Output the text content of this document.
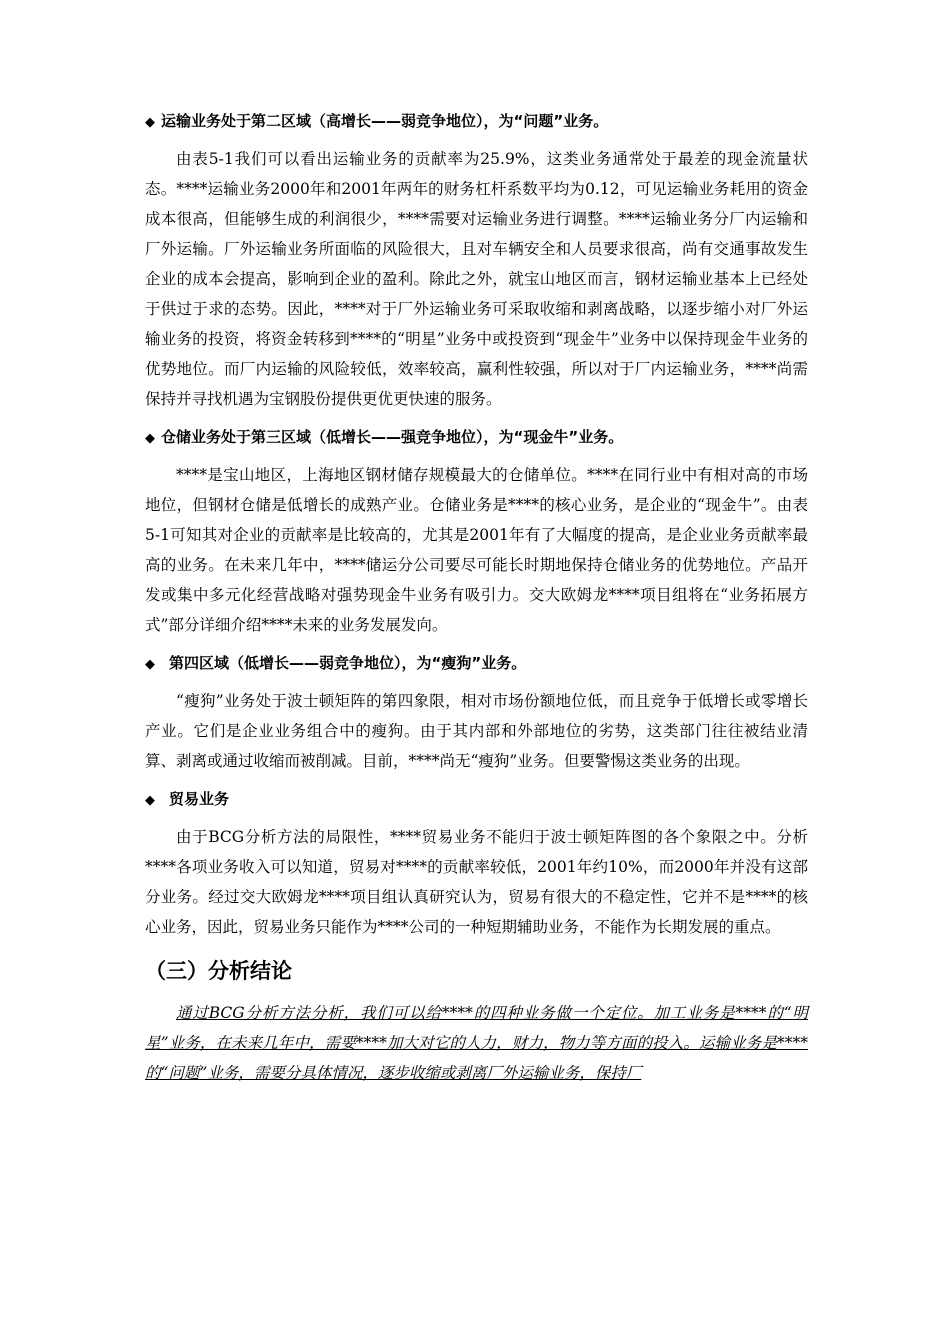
◆ 运输业务处于第二区域（高增长——弱竞争地位），为“问题”业务。

由表5-1我们可以看出运输业务的贡献率为25.9%，这类业务通常处于最差的现金流量状态。****运输业务2000年和2001年两年的财务杠杆系数平均为0.12，可见运输业务耗用的资金成本很高，但能够生成的利润很少，****需要对运输业务进行调整。****运输业务分厂内运输和厂外运输。厂外运输业务所面临的风险很大，且对车辆安全和人员要求很高，尚有交通事故发生企业的成本会提高，影响到企业的盈利。除此之外，就宝山地区而言，钢材运输业基本上已经处于供过于求的态势。因此，****对于厂外运输业务可采取收缩和剥离战略，以逐步缩小对厂外运输业务的投资，将资金转移到****的“明星”业务中或投资到“现金牛”业务中以保持现金牛业务的优势地位。而厂内运输的风险较低，效率较高，赢利性较强，所以对于厂内运输业务，****尚需保持并寻找机遇为宝钢股份提供更优更快速的服务。

◆ 仓储业务处于第三区域（低增长——强竞争地位），为“现金牛”业务。

****是宝山地区，上海地区钢材储存规模最大的仓储单位。****在同行业中有相对高的市场地位，但钢材仓储是低增长的成熟产业。仓储业务是****的核心业务，是企业的“现金牛”。由表5-1可知其对企业的贡献率是比较高的，尤其是2001年有了大幅度的提高，是企业业务贡献率最高的业务。在未来几年中，****储运分公司要尽可能长时期地保持仓储业务的优势地位。产品开发或集中多元化经营战略对强势现金牛业务有吸引力。交大欧姆龙****项目组将在“业务拓展方式”部分详细介绍****未来的业务发展发向。

◆ 第四区域（低增长——弱竞争地位），为“瘦狗”业务。

“瘦狗”业务处于波士顿矩阵的第四象限，相对市场份额地位低，而且竞争于低增长或零增长产业。它们是企业业务组合中的瘦狗。由于其内部和外部地位的劣势，这类部门往往被结业清算、剥离或通过收缩而被削减。目前，****尚无“瘦狗”业务。但要警惕这类业务的出现。

◆ 贸易业务

由于BCG分析方法的局限性，****贸易业务不能归于波士顿矩阵图的各个象限之中。分析****各项业务收入可以知道，贸易对****的贡献率较低，2001年约10%，而2000年并没有这部分业务。经过交大欧姆龙****项目组认真研究认为，贸易有很大的不稳定性，它并不是****的核心业务，因此，贸易业务只能作为****公司的一种短期辅助业务，不能作为长期发展的重点。

（三）分析结论

通过BCG分析方法分析，我们可以给****的四种业务做一个定位。加工业务是****的“明星”业务，在未来几年中，需要****加大对它的人力，财力，物力等方面的投入。运输业务是****的“问题”业务，需要分具体情况，逐步收缩或剥离厂外运输业务，保持厂
